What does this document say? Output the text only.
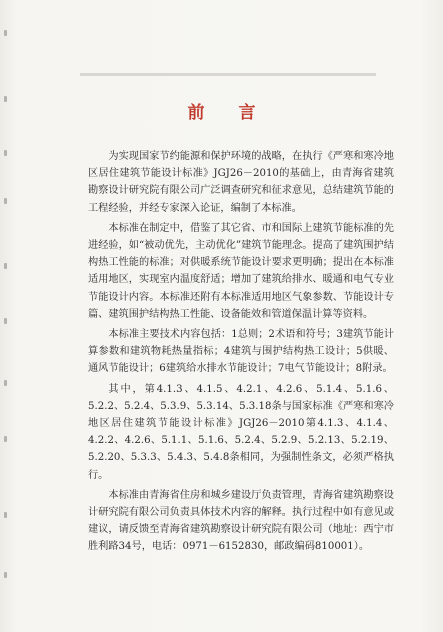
前 言

为实现国家节约能源和保护环境的战略，在执行《严寒和寒冷地区居住建筑节能设计标准》JGJ26－2010的基础上，由青海省建筑勘察设计研究院有限公司广泛调查研究和征求意见，总结建筑节能的工程经验，并经专家深入论证，编制了本标准。

本标准在制定中，借鉴了其它省、市和国际上建筑节能标准的先进经验，如“被动优先，主动优化”建筑节能理念。提高了建筑围护结构热工性能的标准；对供暖系统节能设计要求更明确；提出在本标准适用地区，实现室内温度舒适；增加了建筑给排水、暖通和电气专业节能设计内容。本标准还附有本标准适用地区气象参数、节能设计专篇、建筑围护结构热工性能、设备能效和管道保温计算等资料。

本标准主要技术内容包括：1总则；2术语和符号；3建筑节能计算参数和建筑物耗热量指标；4建筑与围护结构热工设计；5供暖、通风节能设计；6建筑给水排水节能设计；7电气节能设计；8附录。

其中，第4.1.3、4.1.5、4.2.1、4.2.6、5.1.4、5.1.6、5.2.2、5.2.4、5.3.9、5.3.14、5.3.18条与国家标准《严寒和寒冷地区居住建筑节能设计标准》JGJ26－2010第4.1.3、4.1.4、4.2.2、4.2.6、5.1.1、5.1.6、5.2.4、5.2.9、5.2.13、5.2.19、5.2.20、5.3.3、5.4.3、5.4.8条相同，为强制性条文，必须严格执行。

本标准由青海省住房和城乡建设厅负责管理，青海省建筑勘察设计研究院有限公司负责具体技术内容的解释。执行过程中如有意见或建议，请反馈至青海省建筑勘察设计研究院有限公司（地址：西宁市胜利路34号，电话：0971－6152830，邮政编码810001）。
